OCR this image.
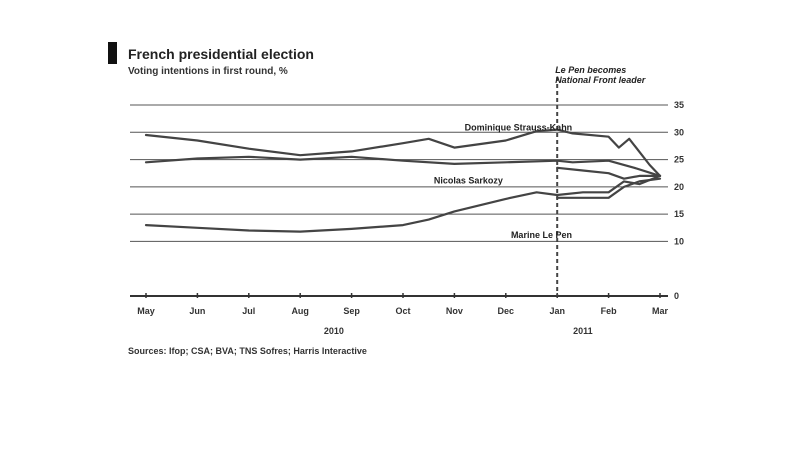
French presidential election
Voting intentions in first round, %
Sources: Ifop; CSA; BVA; TNS Sofres; Harris Interactive
0
10
15
20
25
30
35
May	Jun	Jul	Aug	Sep	Oct	Nov	Dec	Jan	Feb	Mar
2010	2011
Le Pen becomes
National Front leader
Dominique Strauss-Kahn
Nicolas Sarkozy
Marine Le Pen
